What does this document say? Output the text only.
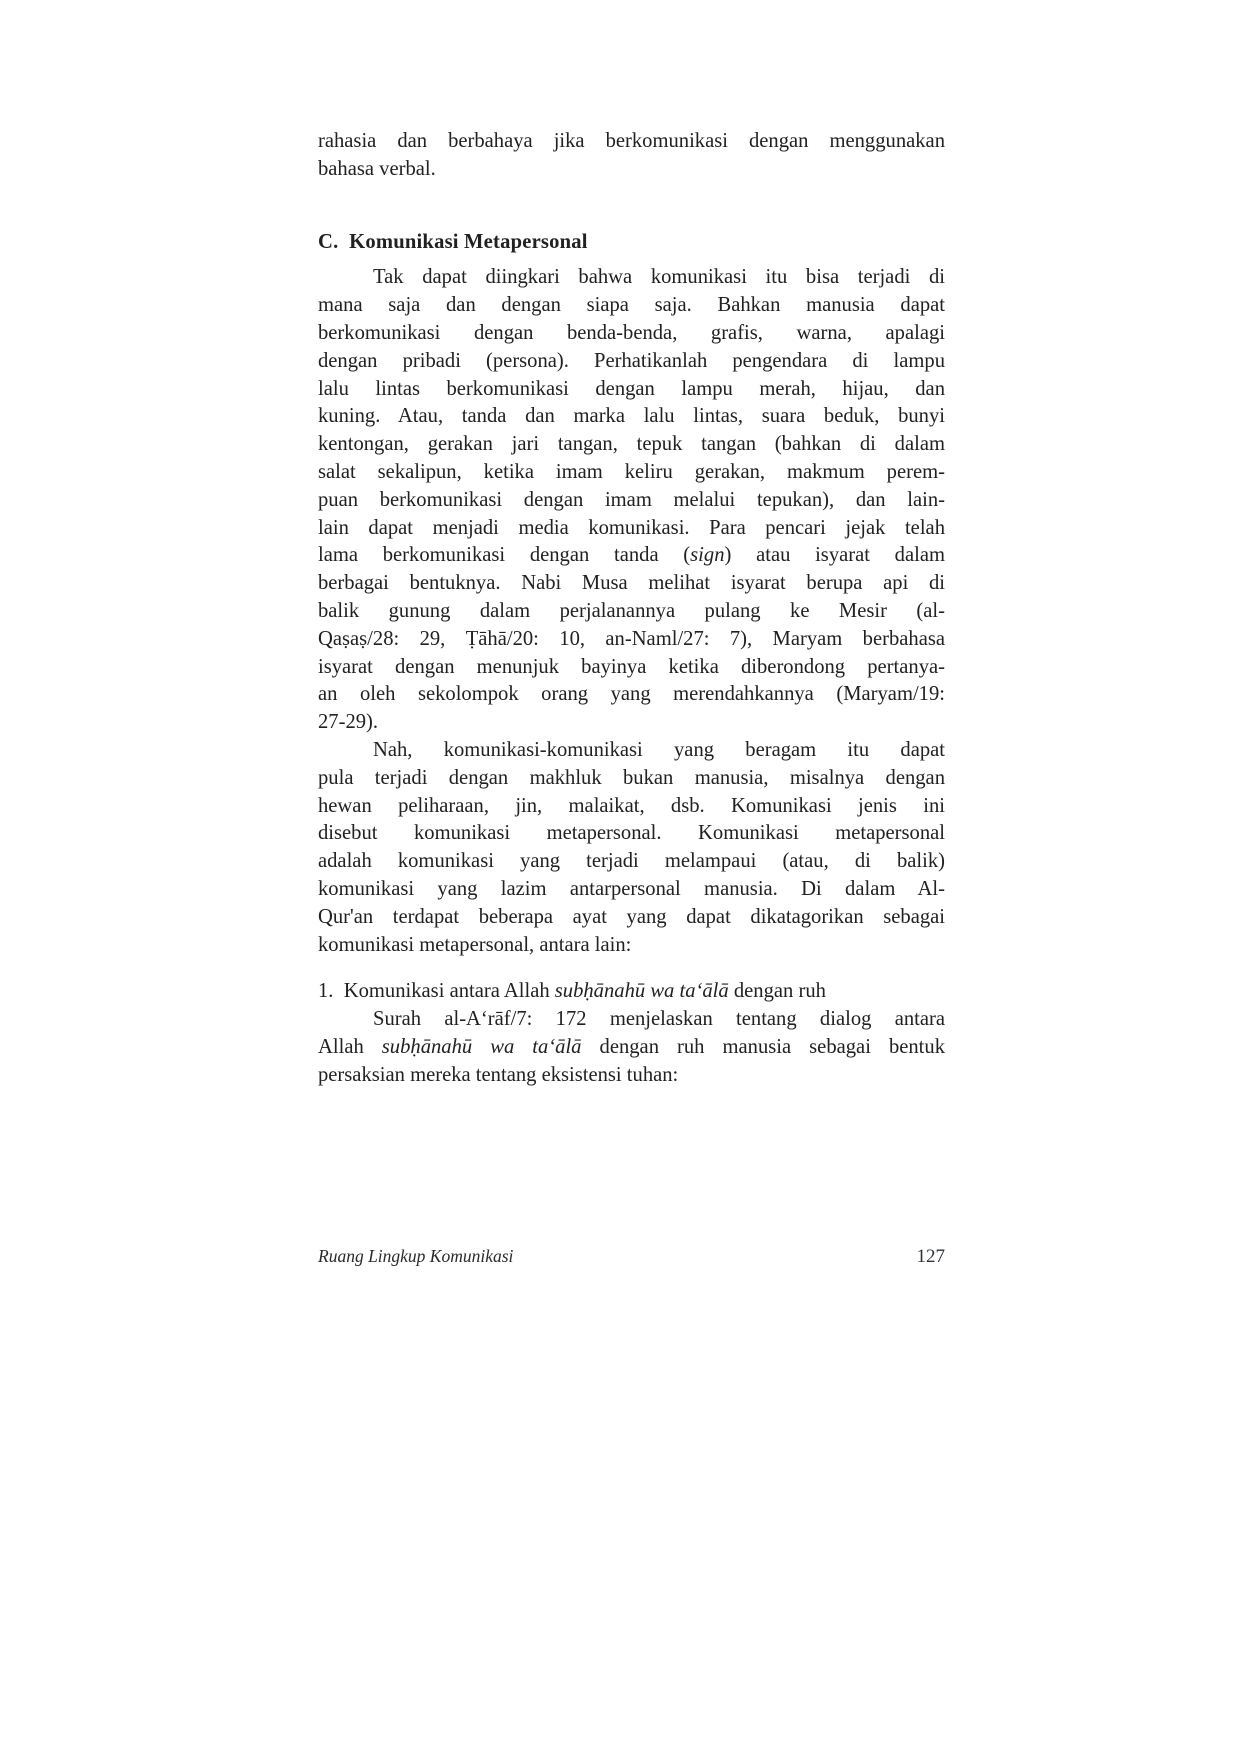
rahasia dan berbahaya jika berkomunikasi dengan menggunakan
bahasa verbal.
C.  Komunikasi Metapersonal
Tak dapat diingkari bahwa komunikasi itu bisa terjadi di
mana saja dan dengan siapa saja. Bahkan manusia dapat
berkomunikasi dengan benda-benda, grafis, warna, apalagi
dengan pribadi (persona). Perhatikanlah pengendara di lampu
lalu lintas berkomunikasi dengan lampu merah, hijau, dan
kuning. Atau, tanda dan marka lalu lintas, suara beduk, bunyi
kentongan, gerakan jari tangan, tepuk tangan (bahkan di dalam
salat sekalipun, ketika imam keliru gerakan, makmum perem-
puan berkomunikasi dengan imam melalui tepukan), dan lain-
lain dapat menjadi media komunikasi. Para pencari jejak telah
lama berkomunikasi dengan tanda (sign) atau isyarat dalam
berbagai bentuknya. Nabi Musa melihat isyarat berupa api di
balik gunung dalam perjalanannya pulang ke Mesir (al-
Qaṣaṣ/28: 29, Ṭāhā/20: 10, an-Naml/27: 7), Maryam berbahasa
isyarat dengan menunjuk bayinya ketika diberondong pertanya-
an oleh sekolompok orang yang merendahkannya (Maryam/19:
27-29).
Nah, komunikasi-komunikasi yang beragam itu dapat
pula terjadi dengan makhluk bukan manusia, misalnya dengan
hewan peliharaan, jin, malaikat, dsb. Komunikasi jenis ini
disebut komunikasi metapersonal. Komunikasi metapersonal
adalah komunikasi yang terjadi melampaui (atau, di balik)
komunikasi yang lazim antarpersonal manusia. Di dalam Al-
Qur'an terdapat beberapa ayat yang dapat dikatagorikan sebagai
komunikasi metapersonal, antara lain:
1.  Komunikasi antara Allah subḥānahū wa ta‘ālā dengan ruh
Surah al-A‘rāf/7: 172 menjelaskan tentang dialog antara
Allah subḥānahū wa ta‘ālā dengan ruh manusia sebagai bentuk
persaksian mereka tentang eksistensi tuhan:
Ruang Lingkup Komunikasi	127
